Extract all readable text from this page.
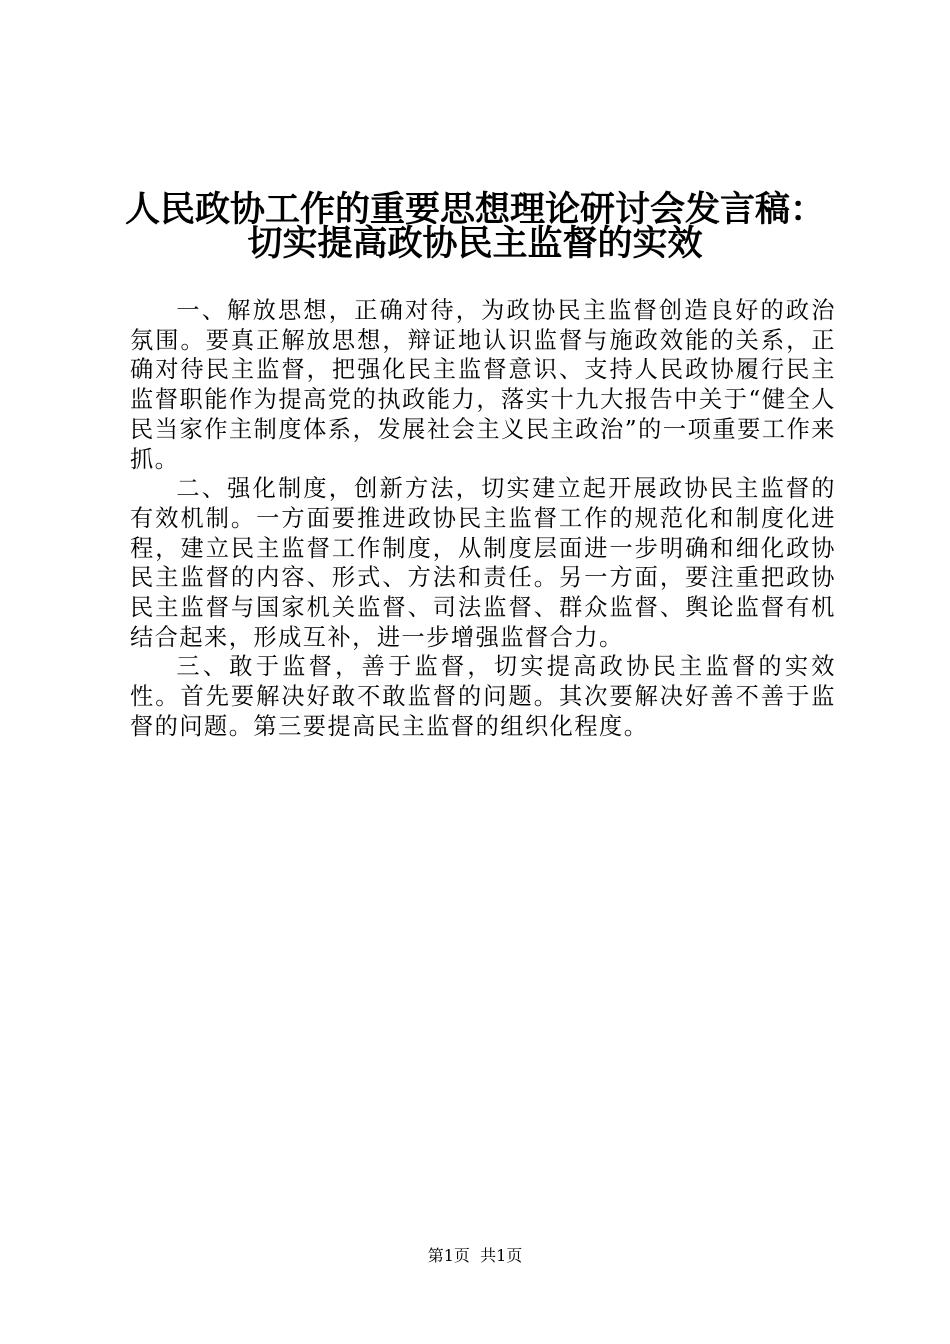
人民政协工作的重要思想理论研讨会发言稿：
切实提高政协民主监督的实效

一、解放思想，正确对待，为政协民主监督创造良好的政治氛围。要真正解放思想，辩证地认识监督与施政效能的关系，正确对待民主监督，把强化民主监督意识、支持人民政协履行民主监督职能作为提高党的执政能力，落实十九大报告中关于“健全人民当家作主制度体系，发展社会主义民主政治”的一项重要工作来抓。

二、强化制度，创新方法，切实建立起开展政协民主监督的有效机制。一方面要推进政协民主监督工作的规范化和制度化进程，建立民主监督工作制度，从制度层面进一步明确和细化政协民主监督的内容、形式、方法和责任。另一方面，要注重把政协民主监督与国家机关监督、司法监督、群众监督、舆论监督有机结合起来，形成互补，进一步增强监督合力。

三、敢于监督，善于监督，切实提高政协民主监督的实效性。首先要解决好敢不敢监督的问题。其次要解决好善不善于监督的问题。第三要提高民主监督的组织化程度。

第1页  共1页
